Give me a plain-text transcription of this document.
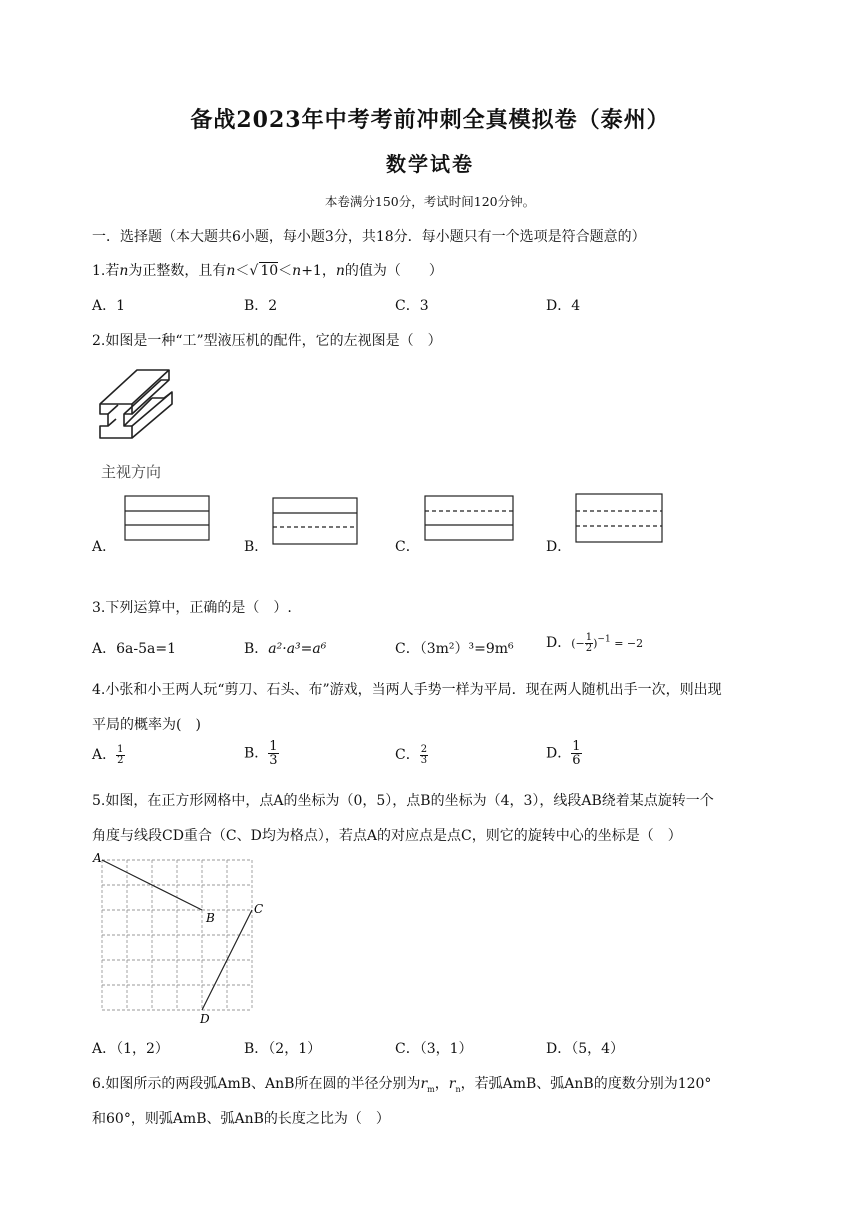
备战2023年中考考前冲刺全真模拟卷（泰州）
数学试卷
本卷满分150分，考试时间120分钟。
一．选择题（本大题共6小题，每小题3分，共18分．每小题只有一个选项是符合题意的）
1.若n为正整数，且有n＜√ 10＜n+1，n的值为（　　）
A．1	B．2	C．3	D．4
2.如图是一种“工”型液压机的配件，它的左视图是（　）
主视方向
A．	B．	C．	D．
3.下列运算中，正确的是（　）.
A．6a-5a=1	B．a²·a³=a⁶	C．（3m²）³=9m⁶ D．(− $\frac{1}{2} )^{-1} = -2$
4.小张和小王两人玩“剪刀、石头、布”游戏，当两人手势一样为平局．现在两人随机出手一次，则出现
平局的概率为(　)
A． $\frac{1}{2}$	B． $\frac{1}{3}$	C． $\frac{2}{3}$	D． $\frac{1}{6}$
5.如图，在正方形网格中，点A的坐标为（0，5），点B的坐标为（4，3），线段AB绕着某点旋转一个
角度与线段CD重合（C、D均为格点），若点A的对应点是点C，则它的旋转中心的坐标是（　）
A
B
C
D
A．（1，2）	B．（2，1）	C．（3，1）	D．（5，4）
6.如图所示的两段弧AmB、AnB所在圆的半径分别为$r_m$，$r_n$，若弧AmB、弧AnB的度数分别为120°
和60°，则弧AmB、弧AnB的长度之比为（　）
